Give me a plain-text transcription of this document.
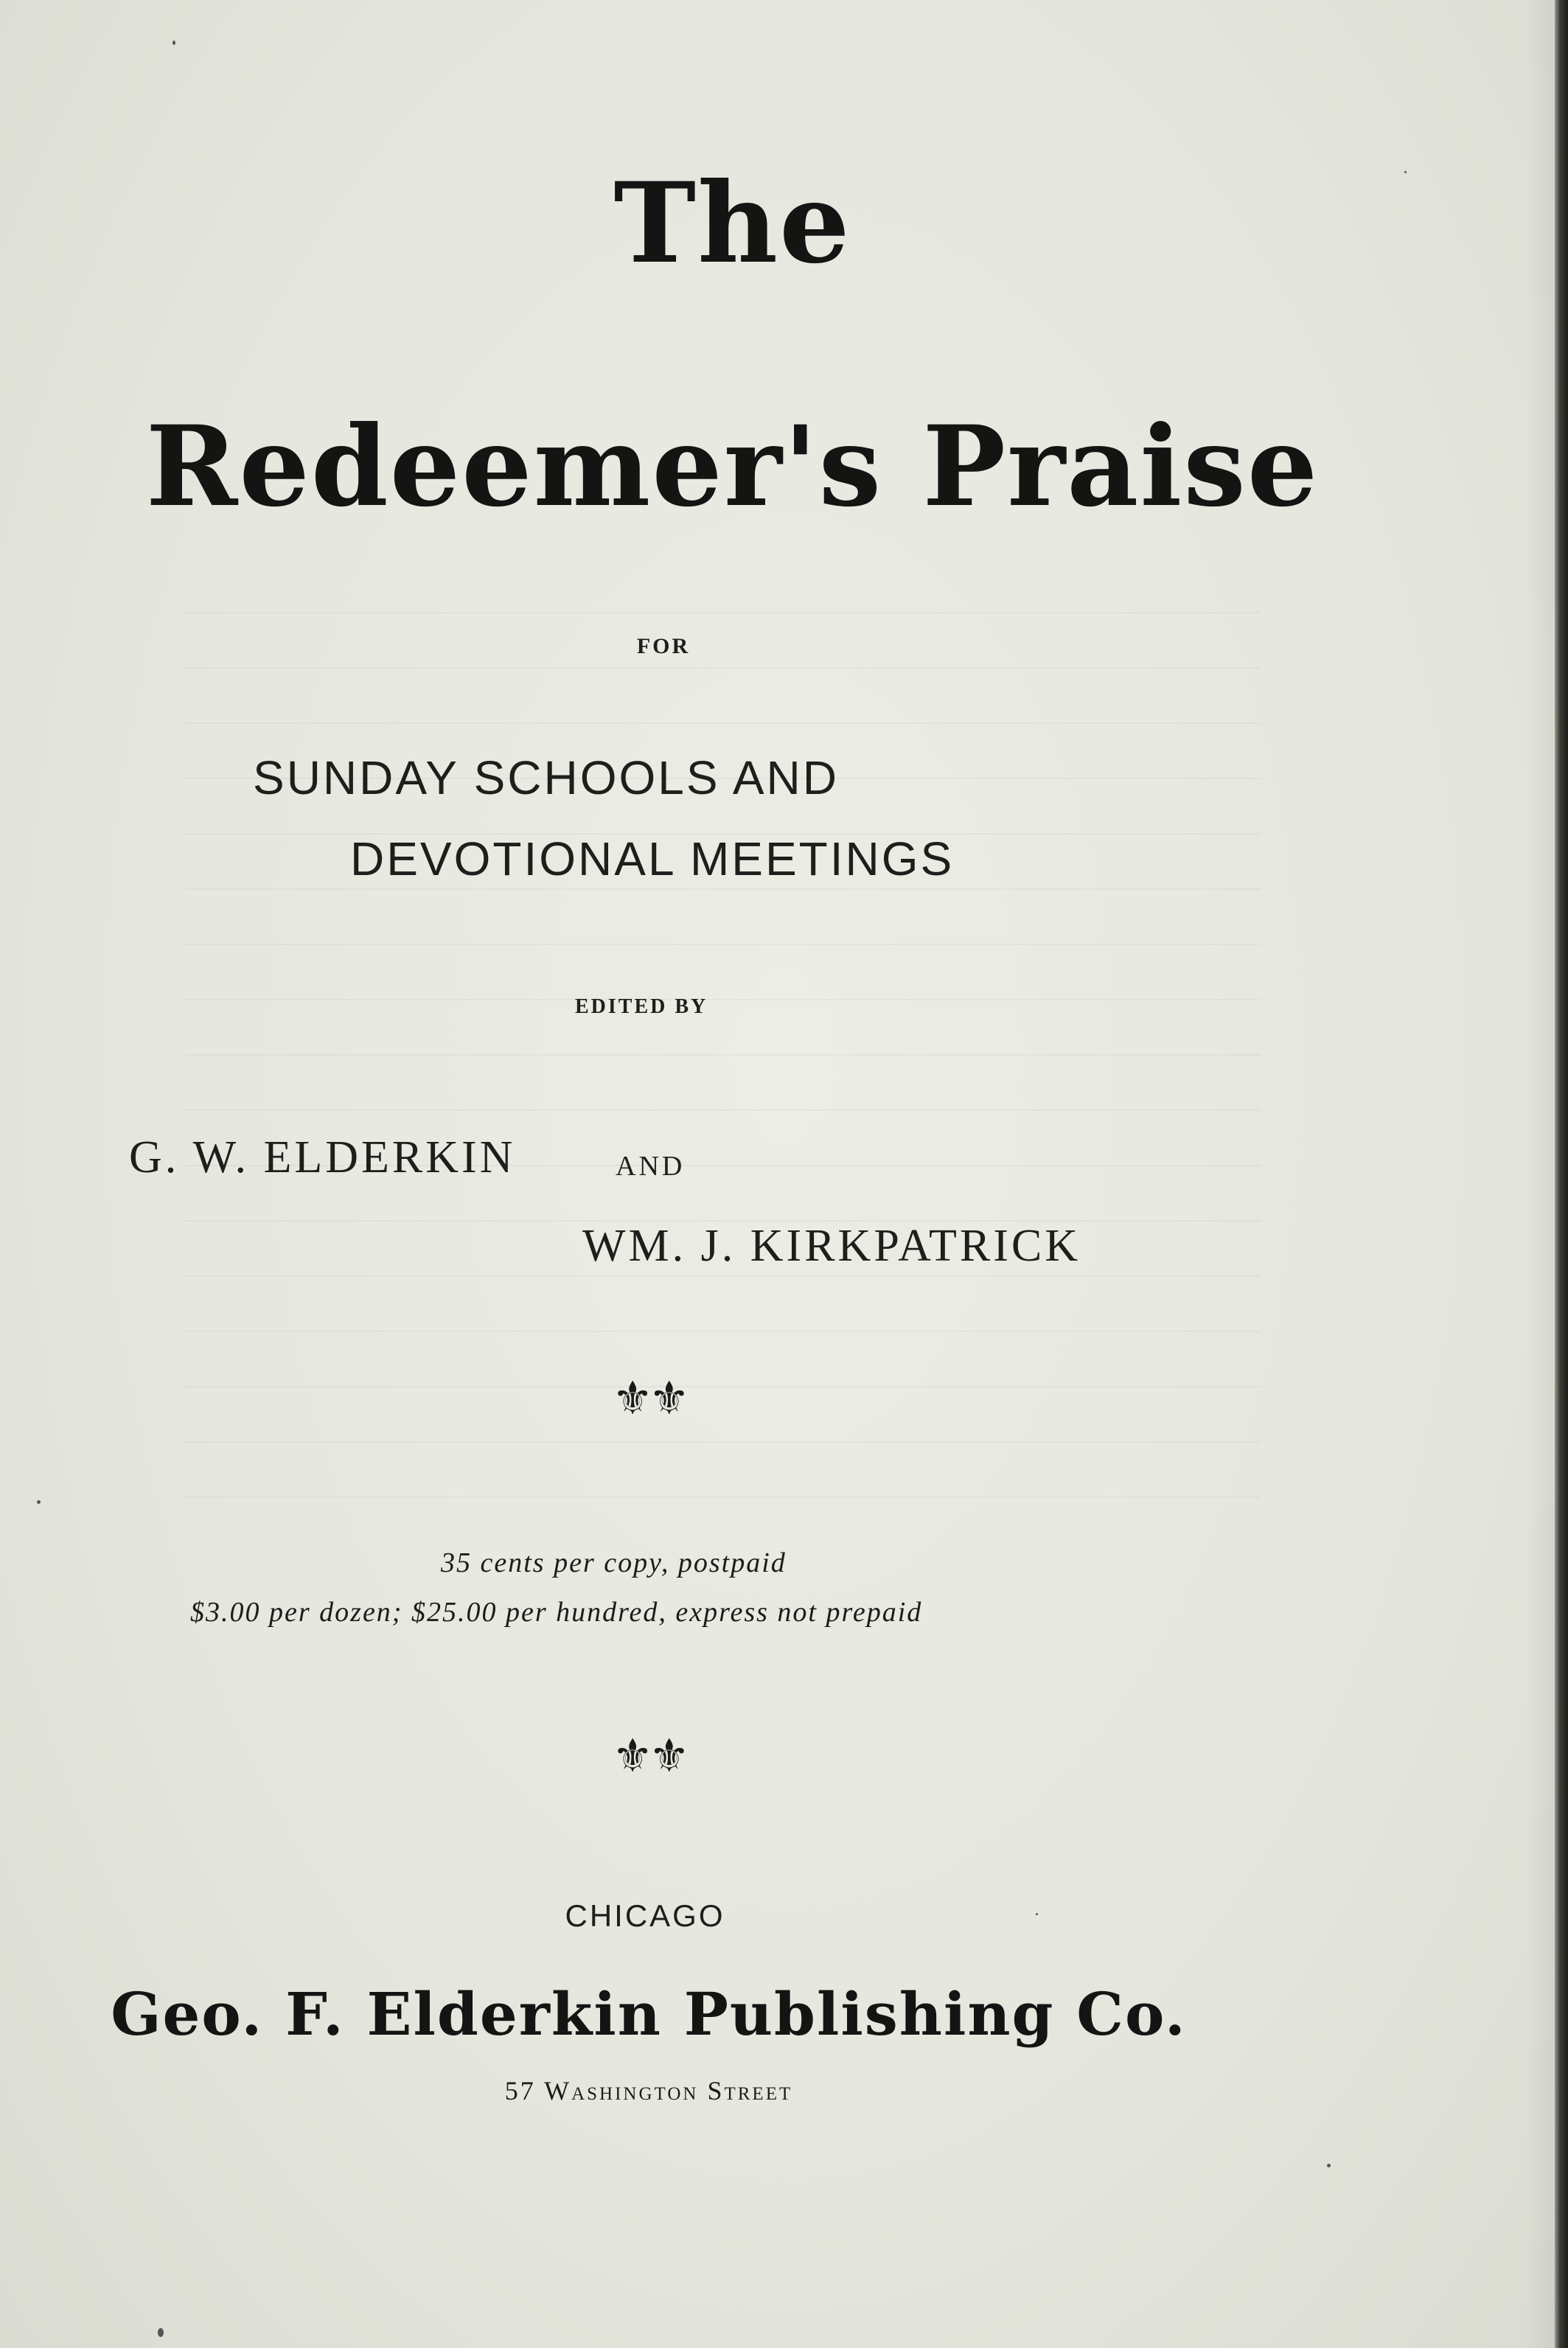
The
Redeemer's Praise
FOR
SUNDAY SCHOOLS AND
DEVOTIONAL MEETINGS
EDITED BY
G. W. ELDERKIN	AND
WM. J. KIRKPATRICK
⚜⚜
35 cents per copy, postpaid
$3.00 per dozen; $25.00 per hundred, express not prepaid
⚜⚜
CHICAGO
Geo. F. Elderkin Publishing Co.
57 Washington Street
